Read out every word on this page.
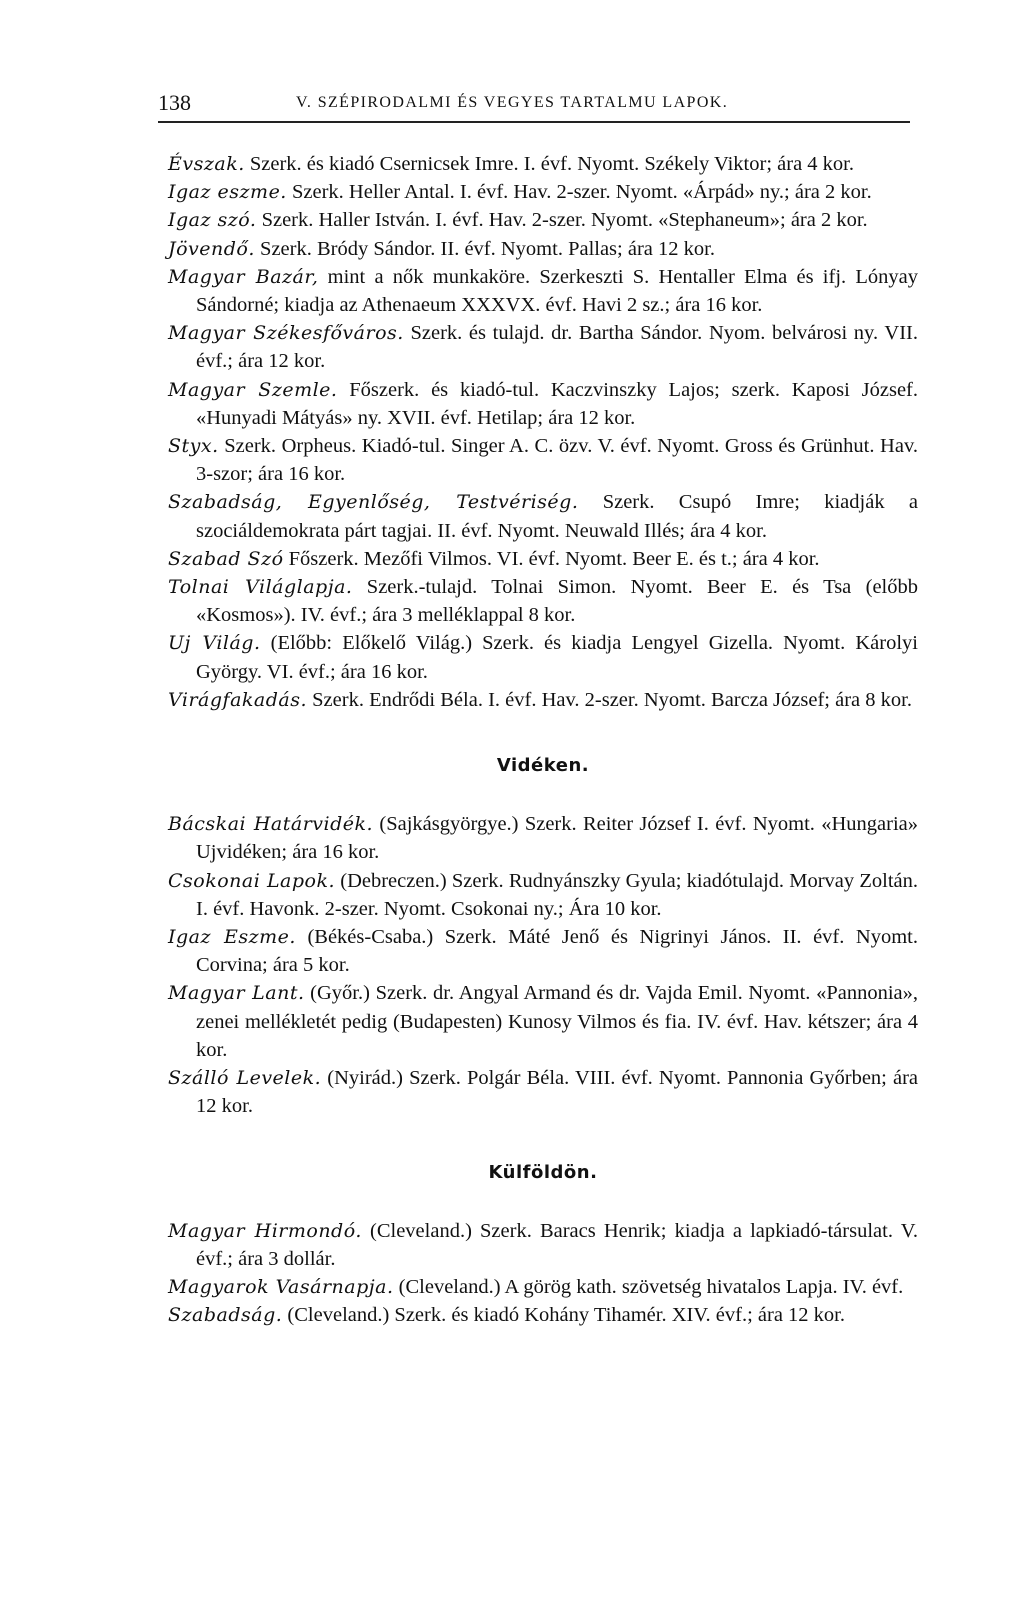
138	V. SZÉPIRODALMI ÉS VEGYES TARTALMU LAPOK.

Évszak. Szerk. és kiadó Csernicsek Imre. I. évf. Nyomt. Székely Viktor; ára 4 kor.

Igaz eszme. Szerk. Heller Antal. I. évf. Hav. 2-szer. Nyomt. «Árpád» ny.; ára 2 kor.

Igaz szó. Szerk. Haller István. I. évf. Hav. 2-szer. Nyomt. «Stephaneum»; ára 2 kor.

Jövendő. Szerk. Bródy Sándor. II. évf. Nyomt. Pallas; ára 12 kor.

Magyar Bazár, mint a nők munkaköre. Szerkeszti S. Hentaller Elma és ifj. Lónyay Sándorné; kiadja az Athenaeum XXXVX. évf. Havi 2 sz.; ára 16 kor.

Magyar Székesfőváros. Szerk. és tulajd. dr. Bartha Sándor. Nyom. belvárosi ny. VII. évf.; ára 12 kor.

Magyar Szemle. Főszerk. és kiadó-tul. Kaczvinszky Lajos; szerk. Kaposi József. «Hunyadi Mátyás» ny. XVII. évf. Hetilap; ára 12 kor.

Styx. Szerk. Orpheus. Kiadó-tul. Singer A. C. özv. V. évf. Nyomt. Gross és Grünhut. Hav. 3-szor; ára 16 kor.

Szabadság, Egyenlőség, Testvériség. Szerk. Csupó Imre; kiadják a szociáldemokrata párt tagjai. II. évf. Nyomt. Neuwald Illés; ára 4 kor.

Szabad Szó Főszerk. Mezőfi Vilmos. VI. évf. Nyomt. Beer E. és t.; ára 4 kor.

Tolnai Világlapja. Szerk.-tulajd. Tolnai Simon. Nyomt. Beer E. és Tsa (előbb «Kosmos»). IV. évf.; ára 3 melléklappal 8 kor.

Uj Világ. (Előbb: Előkelő Világ.) Szerk. és kiadja Lengyel Gizella. Nyomt. Károlyi György. VI. évf.; ára 16 kor.

Virágfakadás. Szerk. Endrődi Béla. I. évf. Hav. 2-szer. Nyomt. Barcza József; ára 8 kor.

Vidéken.

Bácskai Határvidék. (Sajkásgyörgye.) Szerk. Reiter József I. évf. Nyomt. «Hungaria» Ujvidéken; ára 16 kor.

Csokonai Lapok. (Debreczen.) Szerk. Rudnyánszky Gyula; kiadótulajd. Morvay Zoltán. I. évf. Havonk. 2-szer. Nyomt. Csokonai ny.; Ára 10 kor.

Igaz Eszme. (Békés-Csaba.) Szerk. Máté Jenő és Nigrinyi János. II. évf. Nyomt. Corvina; ára 5 kor.

Magyar Lant. (Győr.) Szerk. dr. Angyal Armand és dr. Vajda Emil. Nyomt. «Pannonia», zenei mellékletét pedig (Budapesten) Kunosy Vilmos és fia. IV. évf. Hav. kétszer; ára 4 kor.

Szálló Levelek. (Nyirád.) Szerk. Polgár Béla. VIII. évf. Nyomt. Pannonia Győrben; ára 12 kor.

Külföldön.

Magyar Hirmondó. (Cleveland.) Szerk. Baracs Henrik; kiadja a lapkiadó-társulat. V. évf.; ára 3 dollár.

Magyarok Vasárnapja. (Cleveland.) A görög kath. szövetség hivatalos Lapja. IV. évf.

Szabadság. (Cleveland.) Szerk. és kiadó Kohány Tihamér. XIV. évf.; ára 12 kor.
